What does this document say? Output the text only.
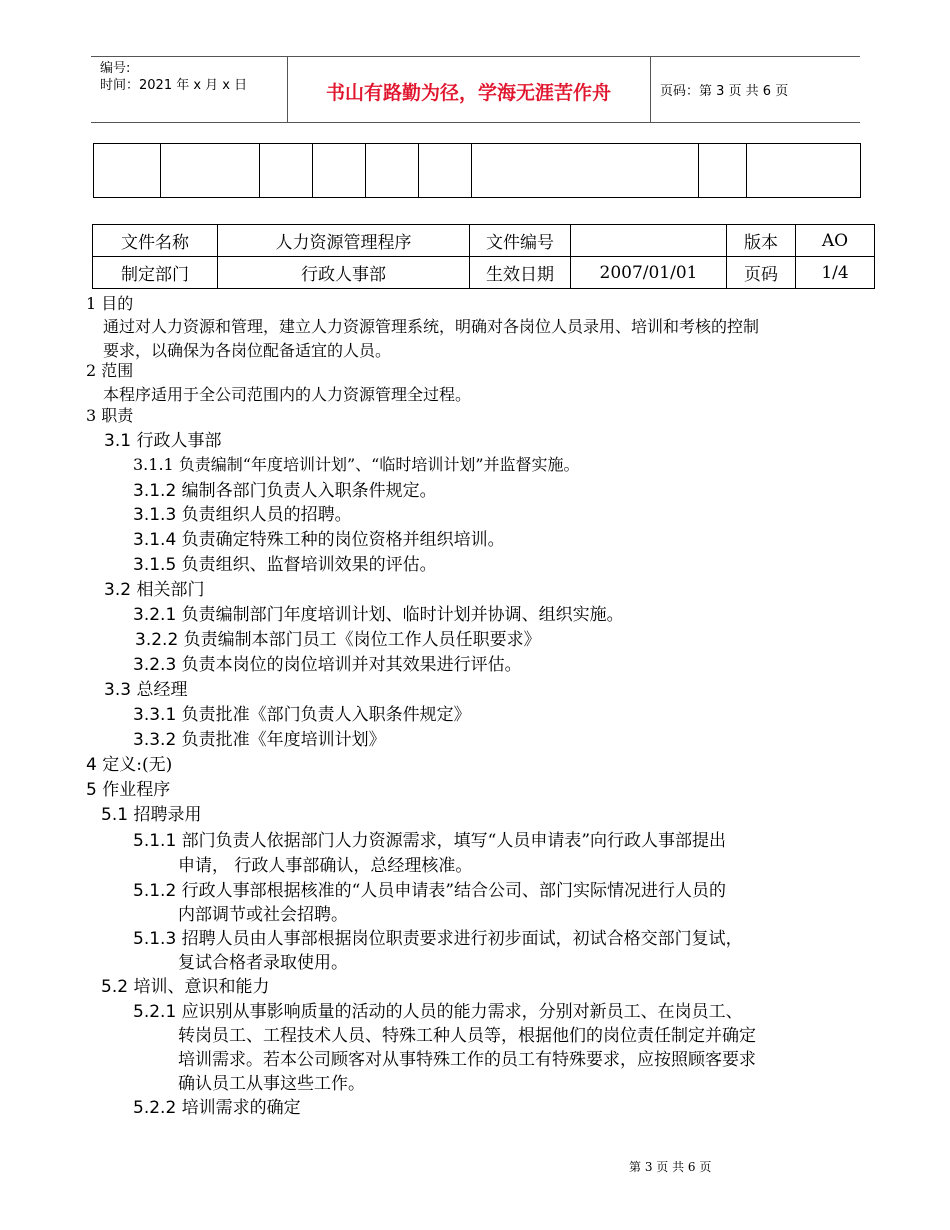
编号:
时间：2021 年 x 月 x 日	书山有路勤为径，学海无涯苦作舟	页码：第 3 页 共 6 页

文件名称	人力资源管理程序	文件编号		版本	AO
制定部门	行政人事部	生效日期	2007/01/01	页码	1/4
1 目的
通过对人力资源和管理，建立人力资源管理系统，明确对各岗位人员录用、培训和考核的控制
要求，以确保为各岗位配备适宜的人员。
2 范围
本程序适用于全公司范围内的人力资源管理全过程。
3 职责
3.1 行政人事部
3.1.1 负责编制“年度培训计划”、“临时培训计划”并监督实施。
3.1.2 编制各部门负责人入职条件规定。
3.1.3 负责组织人员的招聘。
3.1.4 负责确定特殊工种的岗位资格并组织培训。
3.1.5 负责组织、监督培训效果的评估。
3.2 相关部门
3.2.1 负责编制部门年度培训计划、临时计划并协调、组织实施。
3.2.2 负责编制本部门员工《岗位工作人员任职要求》
3.2.3 负责本岗位的岗位培训并对其效果进行评估。
3.3 总经理
3.3.1 负责批准《部门负责人入职条件规定》
3.3.2 负责批准《年度培训计划》
4 定义:(无)
5 作业程序
5.1 招聘录用
5.1.1 部门负责人依据部门人力资源需求，填写“人员申请表”向行政人事部提出
申请， 行政人事部确认，总经理核准。
5.1.2 行政人事部根据核准的“人员申请表”结合公司、部门实际情况进行人员的
内部调节或社会招聘。
5.1.3 招聘人员由人事部根据岗位职责要求进行初步面试，初试合格交部门复试，
复试合格者录取使用。
5.2 培训、意识和能力
5.2.1 应识别从事影响质量的活动的人员的能力需求，分别对新员工、在岗员工、
转岗员工、工程技术人员、特殊工种人员等，根据他们的岗位责任制定并确定
培训需求。若本公司顾客对从事特殊工作的员工有特殊要求，应按照顾客要求
确认员工从事这些工作。
5.2.2 培训需求的确定
第 3 页 共 6 页
